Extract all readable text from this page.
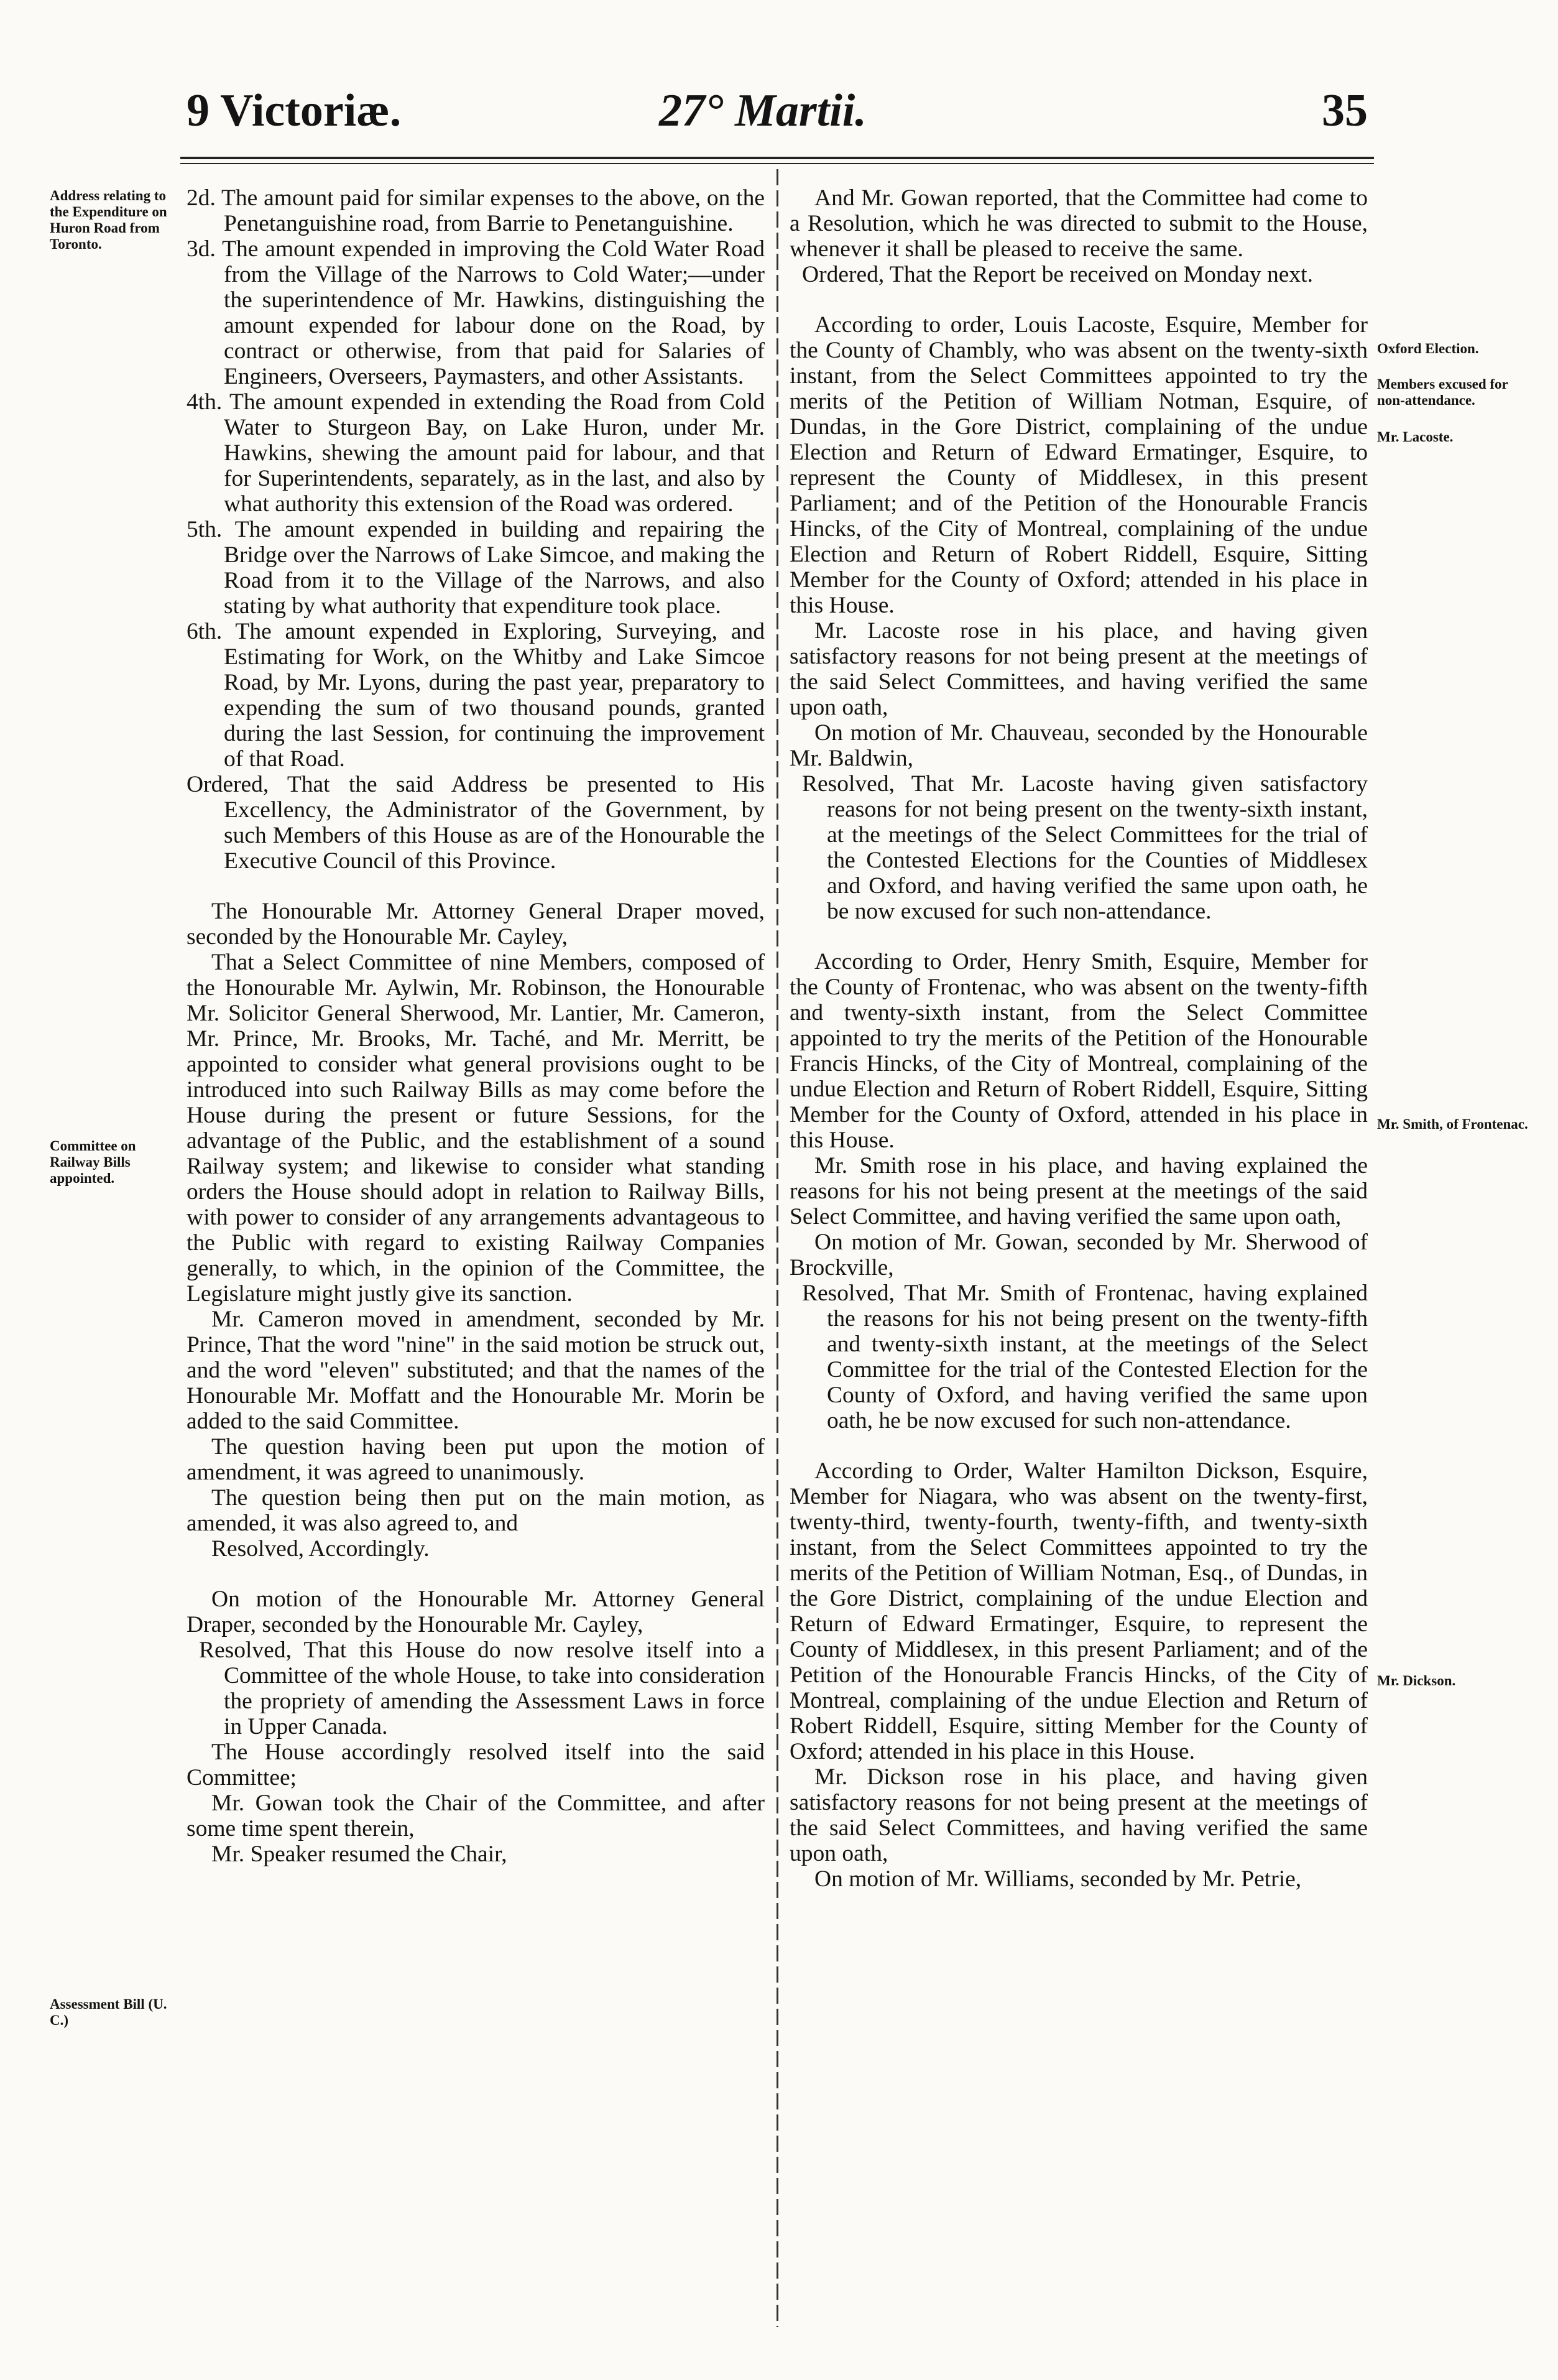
9 Victoriæ.	27° Martii.	35
Address relating to the Expenditure on Huron Road from Toronto.
Committee on Railway Bills appointed.
Assessment Bill (U. C.)
Oxford Election.
Members excused for non-attendance.
Mr. Lacoste.
Mr. Smith, of Frontenac.
Mr. Dickson.

2d. The amount paid for similar expenses to the above, on the Penetanguishine road, from Barrie to Penetanguishine.

3d. The amount expended in improving the Cold Water Road from the Village of the Narrows to Cold Water;—under the superintendence of Mr. Hawkins, distinguishing the amount expended for labour done on the Road, by contract or otherwise, from that paid for Salaries of Engineers, Overseers, Paymasters, and other Assistants.

4th. The amount expended in extending the Road from Cold Water to Sturgeon Bay, on Lake Huron, under Mr. Hawkins, shewing the amount paid for labour, and that for Superintendents, separately, as in the last, and also by what authority this extension of the Road was ordered.

5th. The amount expended in building and repairing the Bridge over the Narrows of Lake Simcoe, and making the Road from it to the Village of the Narrows, and also stating by what authority that expenditure took place.

6th. The amount expended in Exploring, Surveying, and Estimating for Work, on the Whitby and Lake Simcoe Road, by Mr. Lyons, during the past year, preparatory to expending the sum of two thousand pounds, granted during the last Session, for continuing the improvement of that Road.

Ordered, That the said Address be presented to His Excellency, the Administrator of the Government, by such Members of this House as are of the Honourable the Executive Council of this Province.

The Honourable Mr. Attorney General Draper moved, seconded by the Honourable Mr. Cayley,

That a Select Committee of nine Members, composed of the Honourable Mr. Aylwin, Mr. Robinson, the Honourable Mr. Solicitor General Sherwood, Mr. Lantier, Mr. Cameron, Mr. Prince, Mr. Brooks, Mr. Taché, and Mr. Merritt, be appointed to consider what general provisions ought to be introduced into such Railway Bills as may come before the House during the present or future Sessions, for the advantage of the Public, and the establishment of a sound Railway system; and likewise to consider what standing orders the House should adopt in relation to Railway Bills, with power to consider of any arrangements advantageous to the Public with regard to existing Railway Companies generally, to which, in the opinion of the Committee, the Legislature might justly give its sanction.

Mr. Cameron moved in amendment, seconded by Mr. Prince, That the word "nine" in the said motion be struck out, and the word "eleven" substituted; and that the names of the Honourable Mr. Moffatt and the Honourable Mr. Morin be added to the said Committee.

The question having been put upon the motion of amendment, it was agreed to unanimously.

The question being then put on the main motion, as amended, it was also agreed to, and

Resolved, Accordingly.

On motion of the Honourable Mr. Attorney General Draper, seconded by the Honourable Mr. Cayley,

Resolved, That this House do now resolve itself into a Committee of the whole House, to take into consideration the propriety of amending the Assessment Laws in force in Upper Canada.

The House accordingly resolved itself into the said Committee;

Mr. Gowan took the Chair of the Committee, and after some time spent therein,

Mr. Speaker resumed the Chair,

And Mr. Gowan reported, that the Committee had come to a Resolution, which he was directed to submit to the House, whenever it shall be pleased to receive the same.

Ordered, That the Report be received on Monday next.

According to order, Louis Lacoste, Esquire, Member for the County of Chambly, who was absent on the twenty-sixth instant, from the Select Committees appointed to try the merits of the Petition of William Notman, Esquire, of Dundas, in the Gore District, complaining of the undue Election and Return of Edward Ermatinger, Esquire, to represent the County of Middlesex, in this present Parliament; and of the Petition of the Honourable Francis Hincks, of the City of Montreal, complaining of the undue Election and Return of Robert Riddell, Esquire, Sitting Member for the County of Oxford; attended in his place in this House.

Mr. Lacoste rose in his place, and having given satisfactory reasons for not being present at the meetings of the said Select Committees, and having verified the same upon oath,

On motion of Mr. Chauveau, seconded by the Honourable Mr. Baldwin,

Resolved, That Mr. Lacoste having given satisfactory reasons for not being present on the twenty-sixth instant, at the meetings of the Select Committees for the trial of the Contested Elections for the Counties of Middlesex and Oxford, and having verified the same upon oath, he be now excused for such non-attendance.

According to Order, Henry Smith, Esquire, Member for the County of Frontenac, who was absent on the twenty-fifth and twenty-sixth instant, from the Select Committee appointed to try the merits of the Petition of the Honourable Francis Hincks, of the City of Montreal, complaining of the undue Election and Return of Robert Riddell, Esquire, Sitting Member for the County of Oxford, attended in his place in this House.

Mr. Smith rose in his place, and having explained the reasons for his not being present at the meetings of the said Select Committee, and having verified the same upon oath,

On motion of Mr. Gowan, seconded by Mr. Sherwood of Brockville,

Resolved, That Mr. Smith of Frontenac, having explained the reasons for his not being present on the twenty-fifth and twenty-sixth instant, at the meetings of the Select Committee for the trial of the Contested Election for the County of Oxford, and having verified the same upon oath, he be now excused for such non-attendance.

According to Order, Walter Hamilton Dickson, Esquire, Member for Niagara, who was absent on the twenty-first, twenty-third, twenty-fourth, twenty-fifth, and twenty-sixth instant, from the Select Committees appointed to try the merits of the Petition of William Notman, Esq., of Dundas, in the Gore District, complaining of the undue Election and Return of Edward Ermatinger, Esquire, to represent the County of Middlesex, in this present Parliament; and of the Petition of the Honourable Francis Hincks, of the City of Montreal, complaining of the undue Election and Return of Robert Riddell, Esquire, sitting Member for the County of Oxford; attended in his place in this House.

Mr. Dickson rose in his place, and having given satisfactory reasons for not being present at the meetings of the said Select Committees, and having verified the same upon oath,

On motion of Mr. Williams, seconded by Mr. Petrie,
